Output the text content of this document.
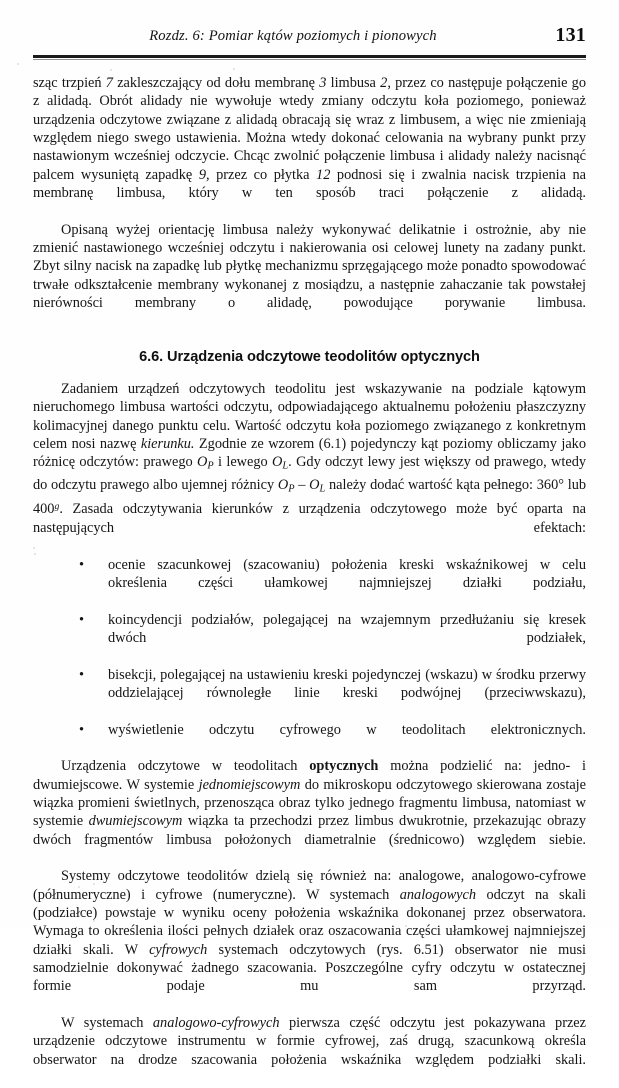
Rozdz. 6: Pomiar kątów poziomych i pionowych	131

sząc trzpień 7 zakleszczający od dołu membranę 3 limbusa 2, przez co następuje połączenie go z alidadą. Obrót alidady nie wywołuje wtedy zmiany odczytu koła poziomego, ponieważ urządzenia odczytowe związane z alidadą obracają się wraz z limbusem, a więc nie zmieniają względem niego swego ustawienia. Można wtedy dokonać celowania na wybrany punkt przy nastawionym wcześniej odczycie. Chcąc zwolnić połączenie limbusa i alidady należy nacisnąć palcem wysuniętą zapadkę 9, przez co płytka 12 podnosi się i zwalnia nacisk trzpienia na membranę limbusa, który w ten sposób traci połączenie z alidadą.

Opisaną wyżej orientację limbusa należy wykonywać delikatnie i ostrożnie, aby nie zmienić nastawionego wcześniej odczytu i nakierowania osi celowej lunety na zadany punkt. Zbyt silny nacisk na zapadkę lub płytkę mechanizmu sprzęgającego może ponadto spowodować trwałe odkształcenie membrany wykonanej z mosiądzu, a następnie zahaczanie tak powstałej nierówności membrany o alidadę, powodujące porywanie limbusa.

6.6. Urządzenia odczytowe teodolitów optycznych

Zadaniem urządzeń odczytowych teodolitu jest wskazywanie na podziale kątowym nieruchomego limbusa wartości odczytu, odpowiadającego aktualnemu położeniu płaszczyzny kolimacyjnej danego punktu celu. Wartość odczytu koła poziomego związanego z konkretnym celem nosi nazwę kierunku. Zgodnie ze wzorem (6.1) pojedynczy kąt poziomy obliczamy jako różnicę odczytów: prawego $O_P$ i lewego $O_L$. Gdy odczyt lewy jest większy od prawego, wtedy do odczytu prawego albo ujemnej różnicy $O_P - O_L$ należy dodać wartość kąta pełnego: 360° lub 400$^g$. Zasada odczytywania kierunków z urządzenia odczytowego może być oparta na następujących efektach:

• ocenie szacunkowej (szacowaniu) położenia kreski wskaźnikowej w celu określenia części ułamkowej najmniejszej działki podziału,
• koincydencji podziałów, polegającej na wzajemnym przedłużaniu się kresek dwóch podziałek,
• bisekcji, polegającej na ustawieniu kreski pojedynczej (wskazu) w środku przerwy oddzielającej równoległe linie kreski podwójnej (przeciwwskazu),
• wyświetlenie odczytu cyfrowego w teodolitach elektronicznych.

Urządzenia odczytowe w teodolitach optycznych można podzielić na: jedno- i dwumiejscowe. W systemie jednomiejscowym do mikroskopu odczytowego skierowana zostaje wiązka promieni świetlnych, przenosząca obraz tylko jednego fragmentu limbusa, natomiast w systemie dwumiejscowym wiązka ta przechodzi przez limbus dwukrotnie, przekazując obrazy dwóch fragmentów limbusa położonych diametralnie (średnicowo) względem siebie.

Systemy odczytowe teodolitów dzielą się również na: analogowe, analogowo-cyfrowe (półnumeryczne) i cyfrowe (numeryczne). W systemach analogowych odczyt na skali (podziałce) powstaje w wyniku oceny położenia wskaźnika dokonanej przez obserwatora. Wymaga to określenia ilości pełnych działek oraz oszacowania części ułamkowej najmniejszej działki skali. W cyfrowych systemach odczytowych (rys. 6.51) obserwator nie musi samodzielnie dokonywać żadnego szacowania. Poszczególne cyfry odczytu w ostatecznej formie podaje mu sam przyrząd.

W systemach analogowo-cyfrowych pierwsza część odczytu jest pokazywana przez urządzenie odczytowe instrumentu w formie cyfrowej, zaś drugą, szacunkową określa obserwator na drodze szacowania położenia wskaźnika względem podziałki skali.
